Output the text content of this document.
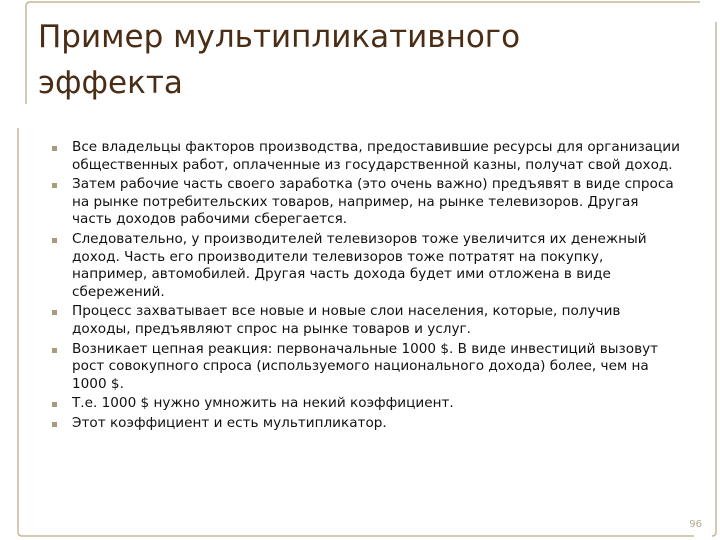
Пример мультипликативного эффекта
Все владельцы факторов производства, предоставившие ресурсы для организации общественных работ, оплаченные из государственной казны, получат свой доход.
Затем рабочие часть своего заработка (это очень важно) предъявят в виде спроса на рынке потребительских товаров, например, на рынке телевизоров. Другая часть доходов рабочими сберегается.
Следовательно, у производителей телевизоров тоже увеличится их денежный доход. Часть его производители телевизоров тоже потратят на покупку, например, автомобилей. Другая часть дохода будет ими отложена в виде сбережений.
Процесс захватывает все новые и новые слои населения, которые, получив доходы, предъявляют спрос на рынке товаров и услуг.
Возникает цепная реакция: первоначальные 1000 $. В виде инвестиций вызовут рост совокупного спроса (используемого национального дохода) более, чем на 1000 $.
Т.е. 1000 $ нужно умножить на некий коэффициент.
Этот коэффициент и есть мультипликатор.
96
